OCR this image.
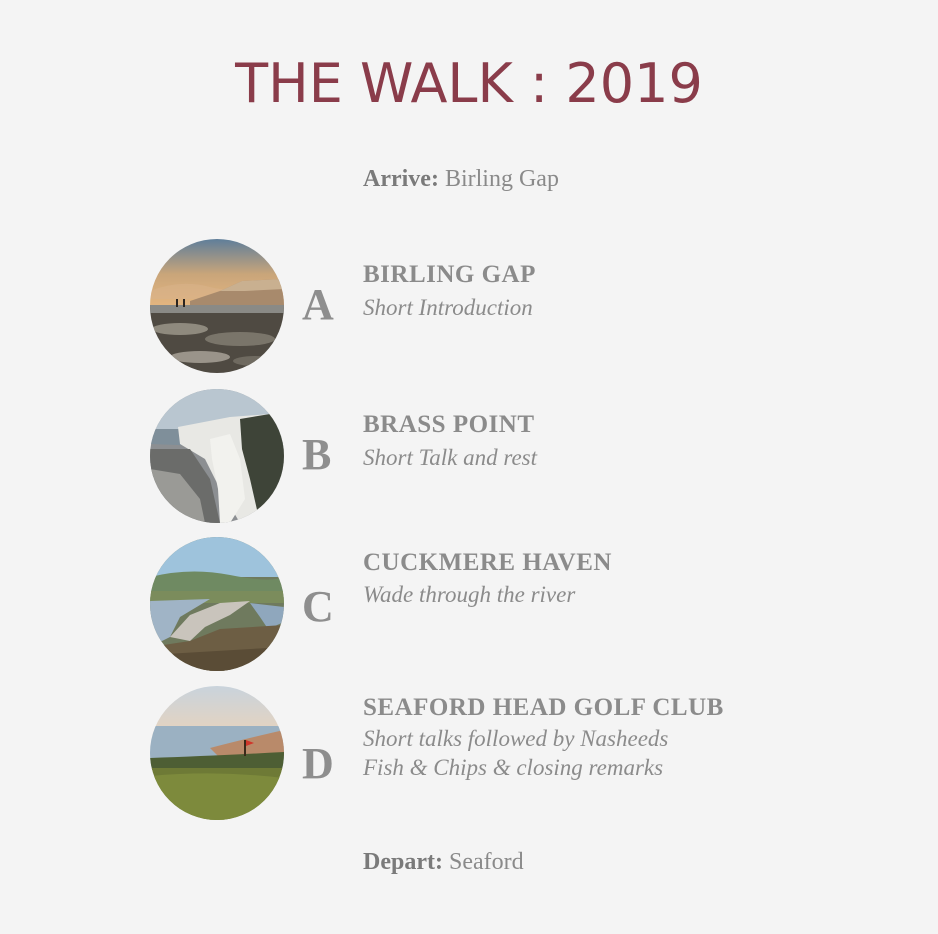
THE WALK : 2019
Arrive: Birling Gap
A
BIRLING GAP
Short Introduction
B
BRASS POINT
Short Talk and rest
C
CUCKMERE HAVEN
Wade through the river
D
SEAFORD HEAD GOLF CLUB
Short talks followed by Nasheeds
Fish & Chips & closing remarks
Depart: Seaford
